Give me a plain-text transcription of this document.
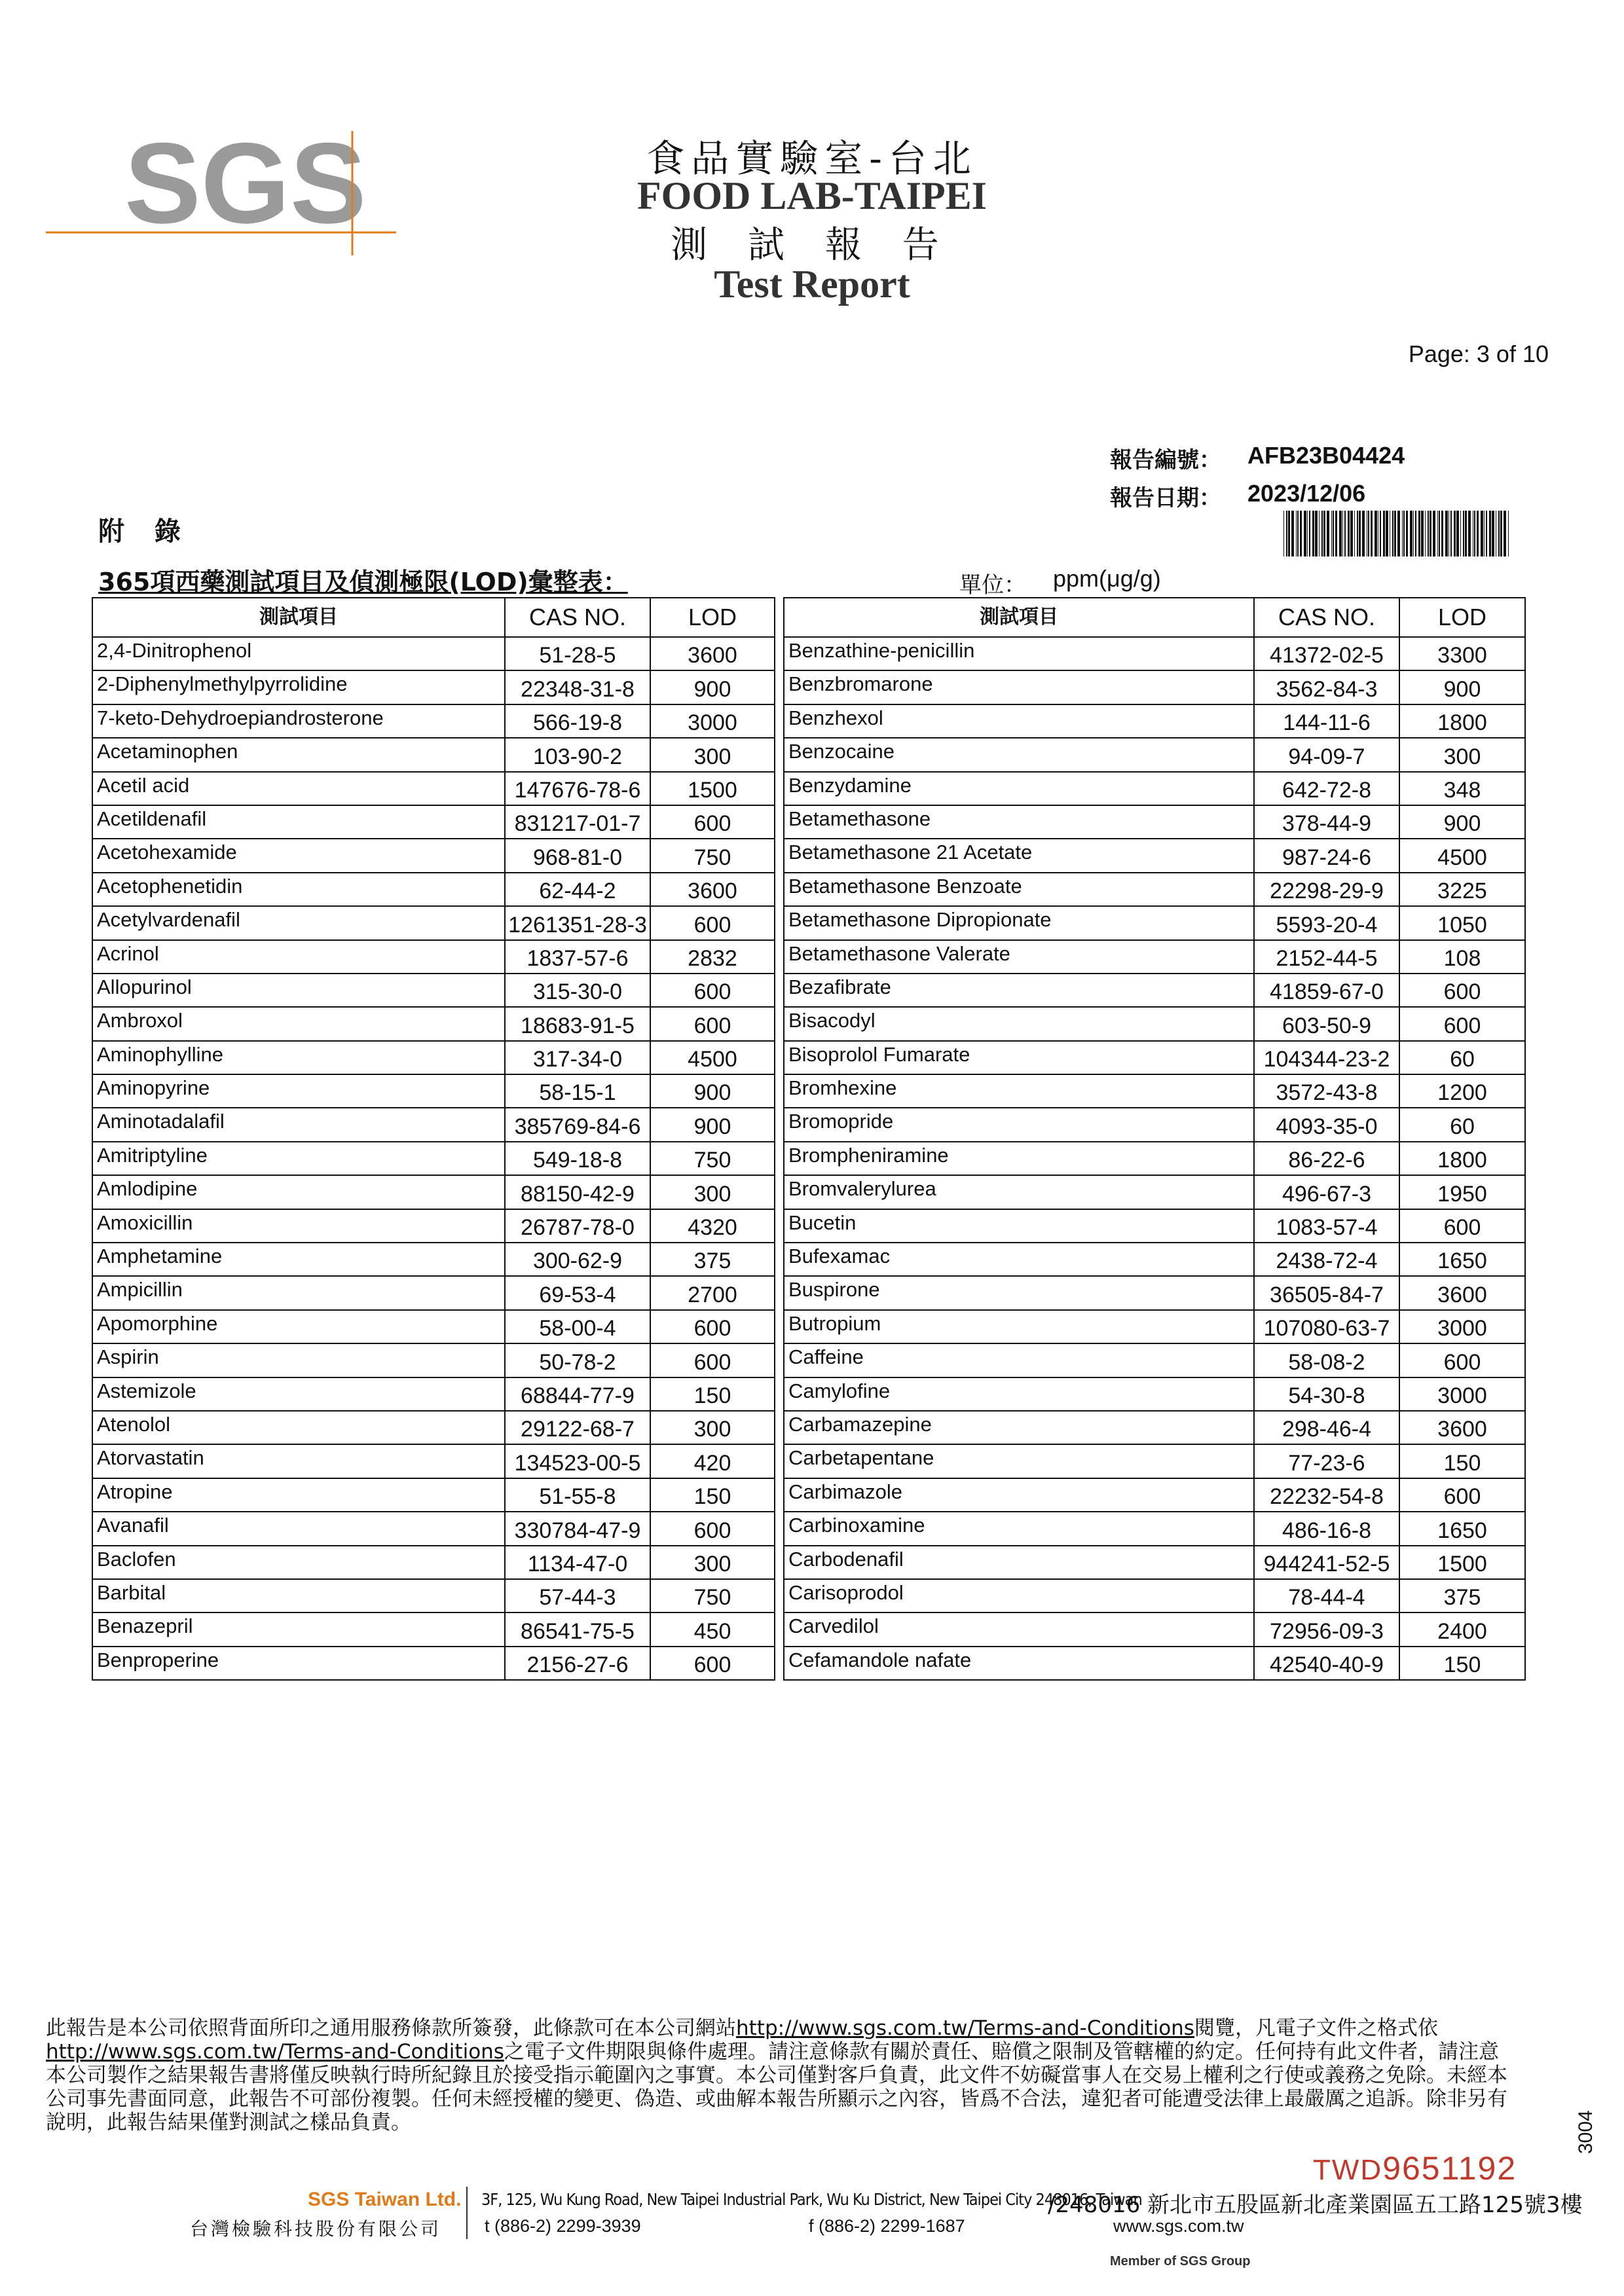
SGS	食品實驗室-台北
FOOD LAB-TAIPEI
測 試 報 告
Test Report
Page: 3 of 10
報告編號： AFB23B04424
報告日期： 2023/12/06
附 錄
365項西藥測試項目及偵測極限(LOD)彙整表：	單位： ppm(μg/g)
測試項目	CAS NO.	LOD
2,4-Dinitrophenol	51-28-5	3600
2-Diphenylmethylpyrrolidine	22348-31-8	900
7-keto-Dehydroepiandrosterone	566-19-8	3000
Acetaminophen	103-90-2	300
Acetil acid	147676-78-6	1500
Acetildenafil	831217-01-7	600
Acetohexamide	968-81-0	750
Acetophenetidin	62-44-2	3600
Acetylvardenafil	1261351-28-3	600
Acrinol	1837-57-6	2832
Allopurinol	315-30-0	600
Ambroxol	18683-91-5	600
Aminophylline	317-34-0	4500
Aminopyrine	58-15-1	900
Aminotadalafil	385769-84-6	900
Amitriptyline	549-18-8	750
Amlodipine	88150-42-9	300
Amoxicillin	26787-78-0	4320
Amphetamine	300-62-9	375
Ampicillin	69-53-4	2700
Apomorphine	58-00-4	600
Aspirin	50-78-2	600
Astemizole	68844-77-9	150
Atenolol	29122-68-7	300
Atorvastatin	134523-00-5	420
Atropine	51-55-8	150
Avanafil	330784-47-9	600
Baclofen	1134-47-0	300
Barbital	57-44-3	750
Benazepril	86541-75-5	450
Benproperine	2156-27-6	600
測試項目	CAS NO.	LOD
Benzathine-penicillin	41372-02-5	3300
Benzbromarone	3562-84-3	900
Benzhexol	144-11-6	1800
Benzocaine	94-09-7	300
Benzydamine	642-72-8	348
Betamethasone	378-44-9	900
Betamethasone 21 Acetate	987-24-6	4500
Betamethasone Benzoate	22298-29-9	3225
Betamethasone Dipropionate	5593-20-4	1050
Betamethasone Valerate	2152-44-5	108
Bezafibrate	41859-67-0	600
Bisacodyl	603-50-9	600
Bisoprolol Fumarate	104344-23-2	60
Bromhexine	3572-43-8	1200
Bromopride	4093-35-0	60
Brompheniramine	86-22-6	1800
Bromvalerylurea	496-67-3	1950
Bucetin	1083-57-4	600
Bufexamac	2438-72-4	1650
Buspirone	36505-84-7	3600
Butropium	107080-63-7	3000
Caffeine	58-08-2	600
Camylofine	54-30-8	3000
Carbamazepine	298-46-4	3600
Carbetapentane	77-23-6	150
Carbimazole	22232-54-8	600
Carbinoxamine	486-16-8	1650
Carbodenafil	944241-52-5	1500
Carisoprodol	78-44-4	375
Carvedilol	72956-09-3	2400
Cefamandole nafate	42540-40-9	150
此報告是本公司依照背面所印之通用服務條款所簽發，此條款可在本公司網站http://www.sgs.com.tw/Terms-and-Conditions閱覽，凡電子文件之格式依
http://www.sgs.com.tw/Terms-and-Conditions之電子文件期限與條件處理。請注意條款有關於責任、賠償之限制及管轄權的約定。任何持有此文件者，請注意本公司製作之結果報告書將僅反映執行時所紀錄且於接受指示範圍內之事實。本公司僅對客戶負責，此文件不妨礙當事人在交易上權利之行使或義務之免除。未經本公司事先書面同意，此報告不可部份複製。任何未經授權的變更、偽造、或曲解本報告所顯示之內容，皆爲不合法，違犯者可能遭受法律上最嚴厲之追訴。除非另有說明，此報告結果僅對測試之樣品負責。
TWD9651192
3004
SGS Taiwan Ltd.
台灣檢驗科技股份有限公司
3F, 125, Wu Kung Road, New Taipei Industrial Park, Wu Ku District, New Taipei City 248016, Taiwan
/248016 新北市五股區新北產業園區五工路125號3樓
t (886-2) 2299-3939	f (886-2) 2299-1687	www.sgs.com.tw
Member of SGS Group
